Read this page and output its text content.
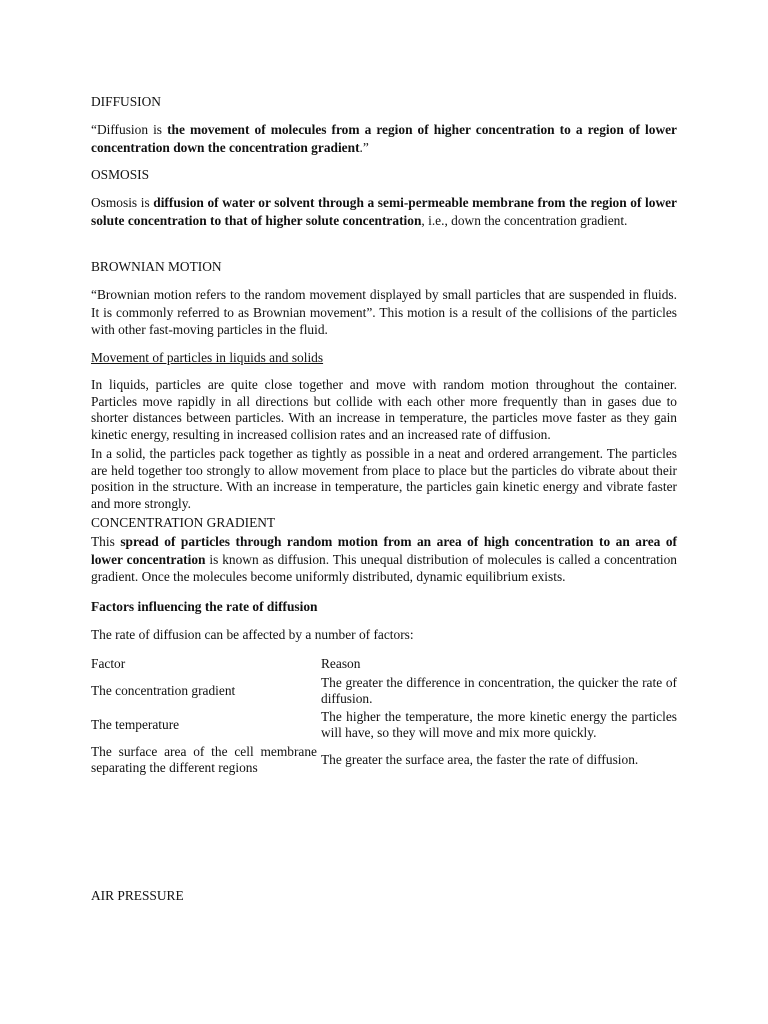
DIFFUSION

“Diffusion is the movement of molecules from a region of higher concentration to a region of lower concentration down the concentration gradient.”

OSMOSIS

Osmosis is diffusion of water or solvent through a semi-permeable membrane from the region of lower solute concentration to that of higher solute concentration, i.e., down the concentration gradient.

BROWNIAN MOTION

“Brownian motion refers to the random movement displayed by small particles that are suspended in fluids. It is commonly referred to as Brownian movement”. This motion is a result of the collisions of the particles with other fast-moving particles in the fluid.

Movement of particles in liquids and solids

In liquids, particles are quite close together and move with random motion throughout the container. Particles move rapidly in all directions but collide with each other more frequently than in gases due to shorter distances between particles. With an increase in temperature, the particles move faster as they gain kinetic energy, resulting in increased collision rates and an increased rate of diffusion.

In a solid, the particles pack together as tightly as possible in a neat and ordered arrangement. The particles are held together too strongly to allow movement from place to place but the particles do vibrate about their position in the structure. With an increase in temperature, the particles gain kinetic energy and vibrate faster and more strongly.

CONCENTRATION GRADIENT

This spread of particles through random motion from an area of high concentration to an area of lower concentration is known as diffusion. This unequal distribution of molecules is called a concentration gradient. Once the molecules become uniformly distributed, dynamic equilibrium exists.

Factors influencing the rate of diffusion

The rate of diffusion can be affected by a number of factors:

Factor	Reason
The concentration gradient	The greater the difference in concentration, the quicker the rate of diffusion.
The temperature	The higher the temperature, the more kinetic energy the particles will have, so they will move and mix more quickly.
The surface area of the cell membrane separating the different regions	The greater the surface area, the faster the rate of diffusion.

AIR PRESSURE
